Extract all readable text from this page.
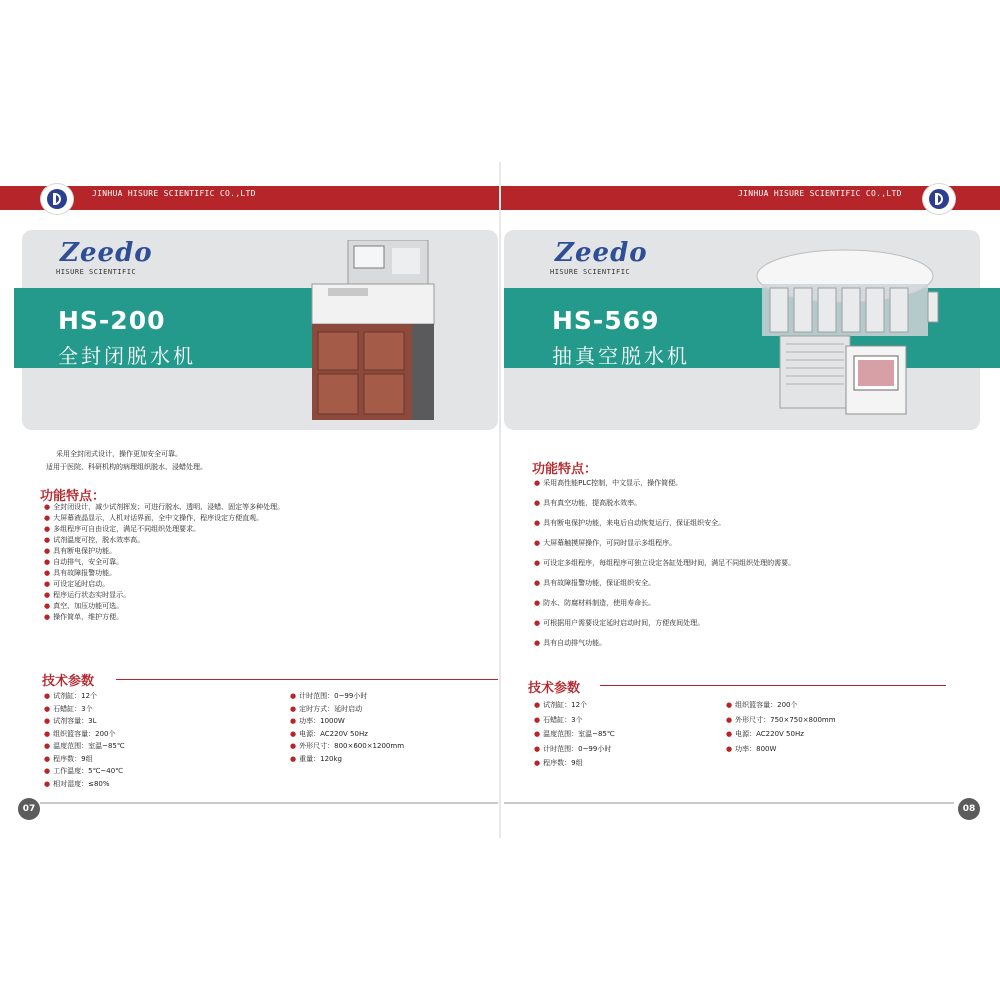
JINHUA HISURE SCIENTIFIC CO.,LTD
Zeedo
HISURE SCIENTIFIC
HS-200
全封闭脱水机
采用全封闭式设计，操作更加安全可靠。
适用于医院、科研机构的病理组织脱水、浸蜡处理。
功能特点：
● 全封闭设计，减少试剂挥发；可进行脱水、透明、浸蜡、固定等多种处理。
● 大屏幕液晶显示，人机对话界面，全中文操作，程序设定方便直观。
● 多组程序可自由设定，满足不同组织处理要求。
● 试剂温度可控，脱水效率高。
● 具有断电保护功能。
● 自动排气，安全可靠。
● 具有故障报警功能。
● 可设定延时启动。
● 程序运行状态实时显示。
● 真空、加压功能可选。
● 操作简单，维护方便。
技术参数
● 试剂缸：12个
● 石蜡缸：3个
● 试剂容量：3L
● 组织篮容量：200个
● 温度范围：室温~85℃
● 程序数：9组
● 工作温度：5℃~40℃
● 相对湿度：≤80%
● 计时范围：0~99小时
● 定时方式：延时启动
● 功率：1000W
● 电源：AC220V 50Hz
● 外形尺寸：800×600×1200mm
● 重量：120kg
07
JINHUA HISURE SCIENTIFIC CO.,LTD
Zeedo
HISURE SCIENTIFIC
HS-569
抽真空脱水机
功能特点：
● 采用高性能PLC控制，中文显示，操作简便。
● 具有真空功能，提高脱水效率。
● 具有断电保护功能，来电后自动恢复运行，保证组织安全。
● 大屏幕触摸屏操作，可同时显示多组程序。
● 可设定多组程序，每组程序可独立设定各缸处理时间，满足不同组织处理的需要。
● 具有故障报警功能，保证组织安全。
● 防水、防腐材料制造，使用寿命长。
● 可根据用户需要设定延时启动时间，方便夜间处理。
● 具有自动排气功能。
技术参数
● 试剂缸：12个
● 石蜡缸：3个
● 温度范围：室温~85℃
● 计时范围：0~99小时
● 程序数：9组
● 组织篮容量：200个
● 外形尺寸：750×750×800mm
● 电源：AC220V 50Hz
● 功率：800W
08
